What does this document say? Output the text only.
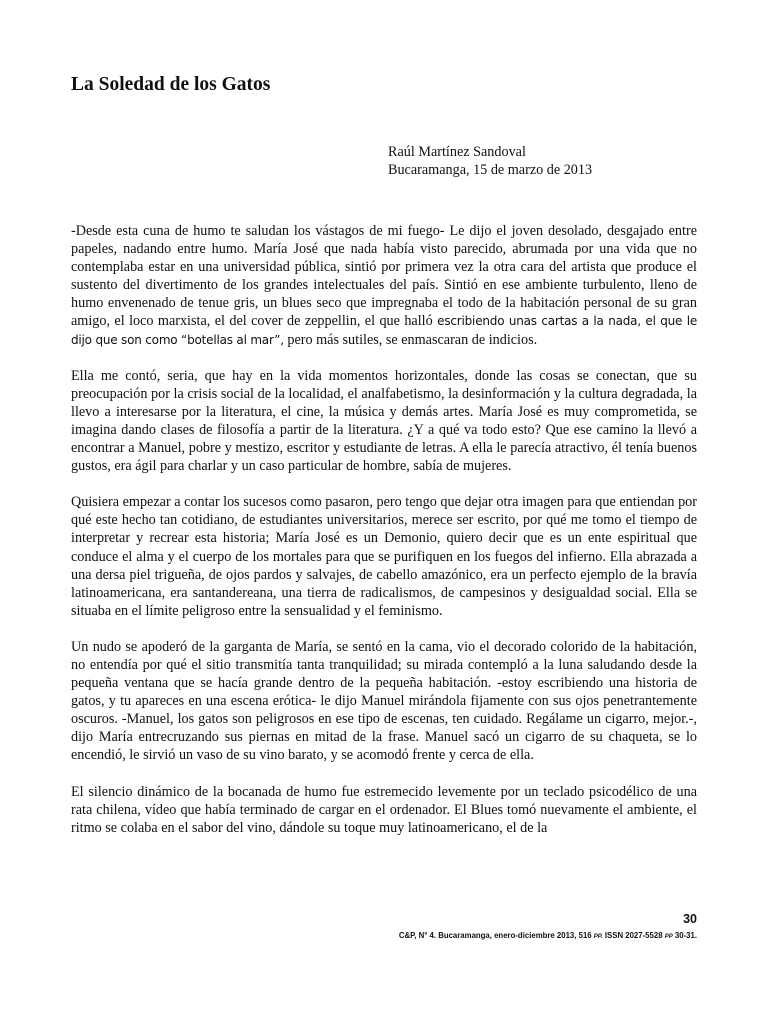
La Soledad de los Gatos
Raúl Martínez Sandoval
Bucaramanga, 15 de marzo de 2013

-Desde esta cuna de humo te saludan los vástagos de mi fuego- Le dijo el joven desolado, desgajado entre papeles, nadando entre humo. María José que nada había visto parecido, abrumada por una vida que no contemplaba estar en una universidad pública, sintió por primera vez la otra cara del artista que produce el sustento del divertimento de los grandes intelectuales del país. Sintió en ese ambiente turbulento, lleno de humo envenenado de tenue gris, un blues seco que impregnaba el todo de la habitación personal de su gran amigo, el loco marxista, el del cover de zeppellin, el que halló escribiendo unas cartas a la nada, el que le dijo que son como “botellas al mar”, pero más sutiles, se enmascaran de indicios.

Ella me contó, seria, que hay en la vida momentos horizontales, donde las cosas se conectan, que su preocupación por la crisis social de la localidad, el analfabetismo, la desinformación y la cultura degradada, la llevo a interesarse por la literatura, el cine, la música y demás artes. María José es muy comprometida, se imagina dando clases de filosofía a partir de la literatura. ¿Y a qué va todo esto? Que ese camino la llevó a encontrar a Manuel, pobre y mestizo, escritor y estudiante de letras. A ella le parecía atractivo, él tenía buenos gustos, era ágil para charlar y un caso particular de hombre, sabía de mujeres.

Quisiera empezar a contar los sucesos como pasaron, pero tengo que dejar otra imagen para que entiendan por qué este hecho tan cotidiano, de estudiantes universitarios, merece ser escrito, por qué me tomo el tiempo de interpretar y recrear esta historia; María José es un Demonio, quiero decir que es un ente espiritual que conduce el alma y el cuerpo de los mortales para que se purifiquen en los fuegos del infierno. Ella abrazada a una dersa piel trigueña, de ojos pardos y salvajes, de cabello amazónico, era un perfecto ejemplo de la bravía latinoamericana, era santandereana, una tierra de radicalismos, de campesinos y desigualdad social. Ella se situaba en el límite peligroso entre la sensualidad y el feminismo.

Un nudo se apoderó de la garganta de María, se sentó en la cama, vio el decorado colorido de la habitación, no entendía por qué el sitio transmitía tanta tranquilidad; su mirada contempló a la luna saludando desde la pequeña ventana que se hacía grande dentro de la pequeña habitación. -estoy escribiendo una historia de gatos, y tu apareces en una escena erótica- le dijo Manuel mirándola fijamente con sus ojos penetrantemente oscuros. -Manuel, los gatos son peligrosos en ese tipo de escenas, ten cuidado. Regálame un cigarro, mejor.-, dijo María entrecruzando sus piernas en mitad de la frase. Manuel sacó un cigarro de su chaqueta, se lo encendió, le sirvió un vaso de su vino barato, y se acomodó frente y cerca de ella.

El silencio dinámico de la bocanada de humo fue estremecido levemente por un teclado psicodélico de una rata chilena, vídeo que había terminado de cargar en el ordenador. El Blues tomó nuevamente el ambiente, el ritmo se colaba en el sabor del vino, dándole su toque muy latinoamericano, el de la

30
C&P, N° 4. Bucaramanga, enero-diciembre 2013, 516 PP. ISSN 2027-5528 PP 30-31.
